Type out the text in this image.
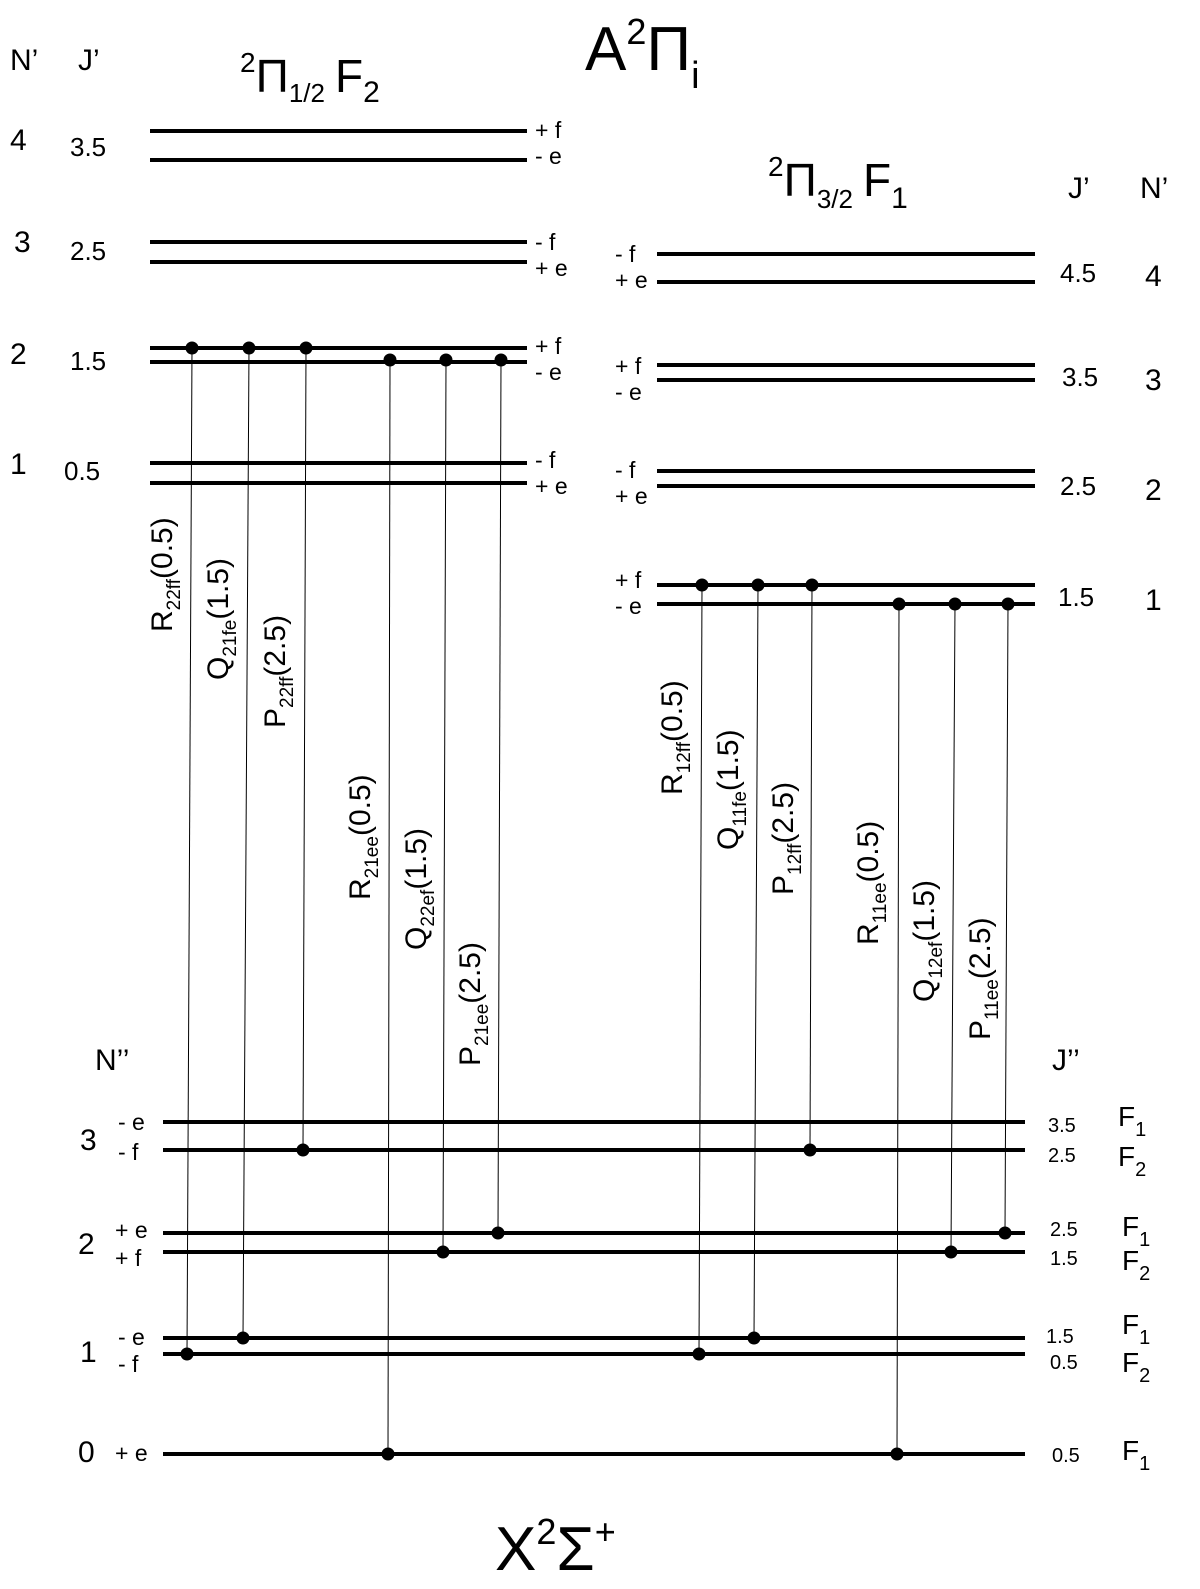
$A^2\Pi_i$
$^2\Pi_{1/2}$ $F_2$
$^2\Pi_{3/2}$ $F_1$
N’ J’
J’ N’
4 3.5
+ f
- e
3 2.5	- f
+ e
2 1.5	+ f
- e
1 0.5	- f
+ e
- f
+ e	4.5 4
+ f
- e	3.5 3
- f
+ e	2.5 2
+ f
- e	1.5 1
N’’	J’’
3
- e
- f
3.5
2.5
$F_1$
$F_2$
2 + e
+ f
2.5
1.5
$F_1$
$F_2$
1 - e
- f
1.5
0.5
$F_1$
$F_2$
0 + e	0.5 $F_1$
$R_{22ff}(0.5)$
$Q_{21fe}(1.5)$
$P_{22ff}(2.5)$
$R_{21ee}(0.5)$
$Q_{22ef}(1.5)$
$P_{21ee}(2.5)$
$R_{12ff}(0.5)$
$Q_{11fe}(1.5)$
$P_{12ff}(2.5)$
$R_{11ee}(0.5)$
$Q_{12ef}(1.5)$
$P_{11ee}(2.5)$
$X^2\Sigma^+$
